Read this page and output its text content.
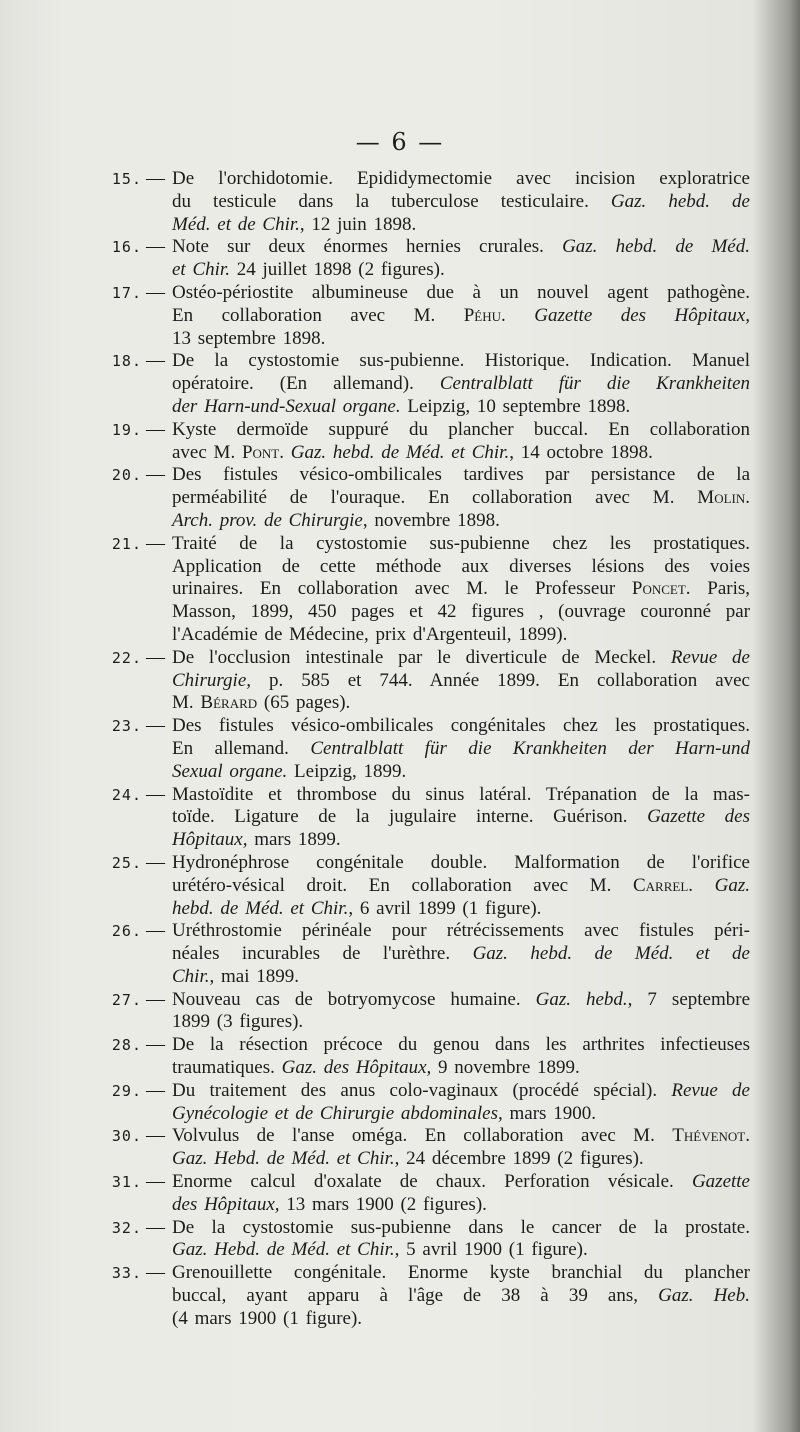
— 6 —
15. — De l'orchidotomie. Epididymectomie avec incision exploratrice
du testicule dans la tuberculose testiculaire. Gaz. hebd. de
Méd. et de Chir., 12 juin 1898.
16. — Note sur deux énormes hernies crurales. Gaz. hebd. de Méd.
et Chir. 24 juillet 1898 (2 figures).
17. — Ostéo-périostite albumineuse due à un nouvel agent pathogène.
En collaboration avec M. Péhu. Gazette des Hôpitaux,
13 septembre 1898.
18. — De la cystostomie sus-pubienne. Historique. Indication. Manuel
opératoire. (En allemand). Centralblatt für die Krankheiten
der Harn-und-Sexual organe. Leipzig, 10 septembre 1898.
19. — Kyste dermoïde suppuré du plancher buccal. En collaboration
avec M. Pont. Gaz. hebd. de Méd. et Chir., 14 octobre 1898.
20. — Des fistules vésico-ombilicales tardives par persistance de la
perméabilité de l'ouraque. En collaboration avec M. Molin.
Arch. prov. de Chirurgie, novembre 1898.
21. — Traité de la cystostomie sus-pubienne chez les prostatiques.
Application de cette méthode aux diverses lésions des voies
urinaires. En collaboration avec M. le Professeur Poncet. Paris,
Masson, 1899, 450 pages et 42 figures , (ouvrage couronné par
l'Académie de Médecine, prix d'Argenteuil, 1899).
22. — De l'occlusion intestinale par le diverticule de Meckel. Revue de
Chirurgie, p. 585 et 744. Année 1899. En collaboration avec
M. Bérard (65 pages).
23. — Des fistules vésico-ombilicales congénitales chez les prostatiques.
En allemand. Centralblatt für die Krankheiten der Harn-und
Sexual organe. Leipzig, 1899.
24. — Mastoïdite et thrombose du sinus latéral. Trépanation de la mas-
toïde. Ligature de la jugulaire interne. Guérison. Gazette des
Hôpitaux, mars 1899.
25. — Hydronéphrose congénitale double. Malformation de l'orifice
urétéro-vésical droit. En collaboration avec M. Carrel. Gaz.
hebd. de Méd. et Chir., 6 avril 1899 (1 figure).
26. — Uréthrostomie périnéale pour rétrécissements avec fistules péri-
néales incurables de l'urèthre. Gaz. hebd. de Méd. et de
Chir., mai 1899.
27. — Nouveau cas de botryomycose humaine. Gaz. hebd., 7 septembre
1899 (3 figures).
28. — De la résection précoce du genou dans les arthrites infectieuses
traumatiques. Gaz. des Hôpitaux, 9 novembre 1899.
29. — Du traitement des anus colo-vaginaux (procédé spécial). Revue de
Gynécologie et de Chirurgie abdominales, mars 1900.
30. — Volvulus de l'anse oméga. En collaboration avec M. Thévenot.
Gaz. Hebd. de Méd. et Chir., 24 décembre 1899 (2 figures).
31. — Enorme calcul d'oxalate de chaux. Perforation vésicale. Gazette
des Hôpitaux, 13 mars 1900 (2 figures).
32. — De la cystostomie sus-pubienne dans le cancer de la prostate.
Gaz. Hebd. de Méd. et Chir., 5 avril 1900 (1 figure).
33. — Grenouillette congénitale. Enorme kyste branchial du plancher
buccal, ayant apparu à l'âge de 38 à 39 ans, Gaz. Heb.
(4 mars 1900 (1 figure).
